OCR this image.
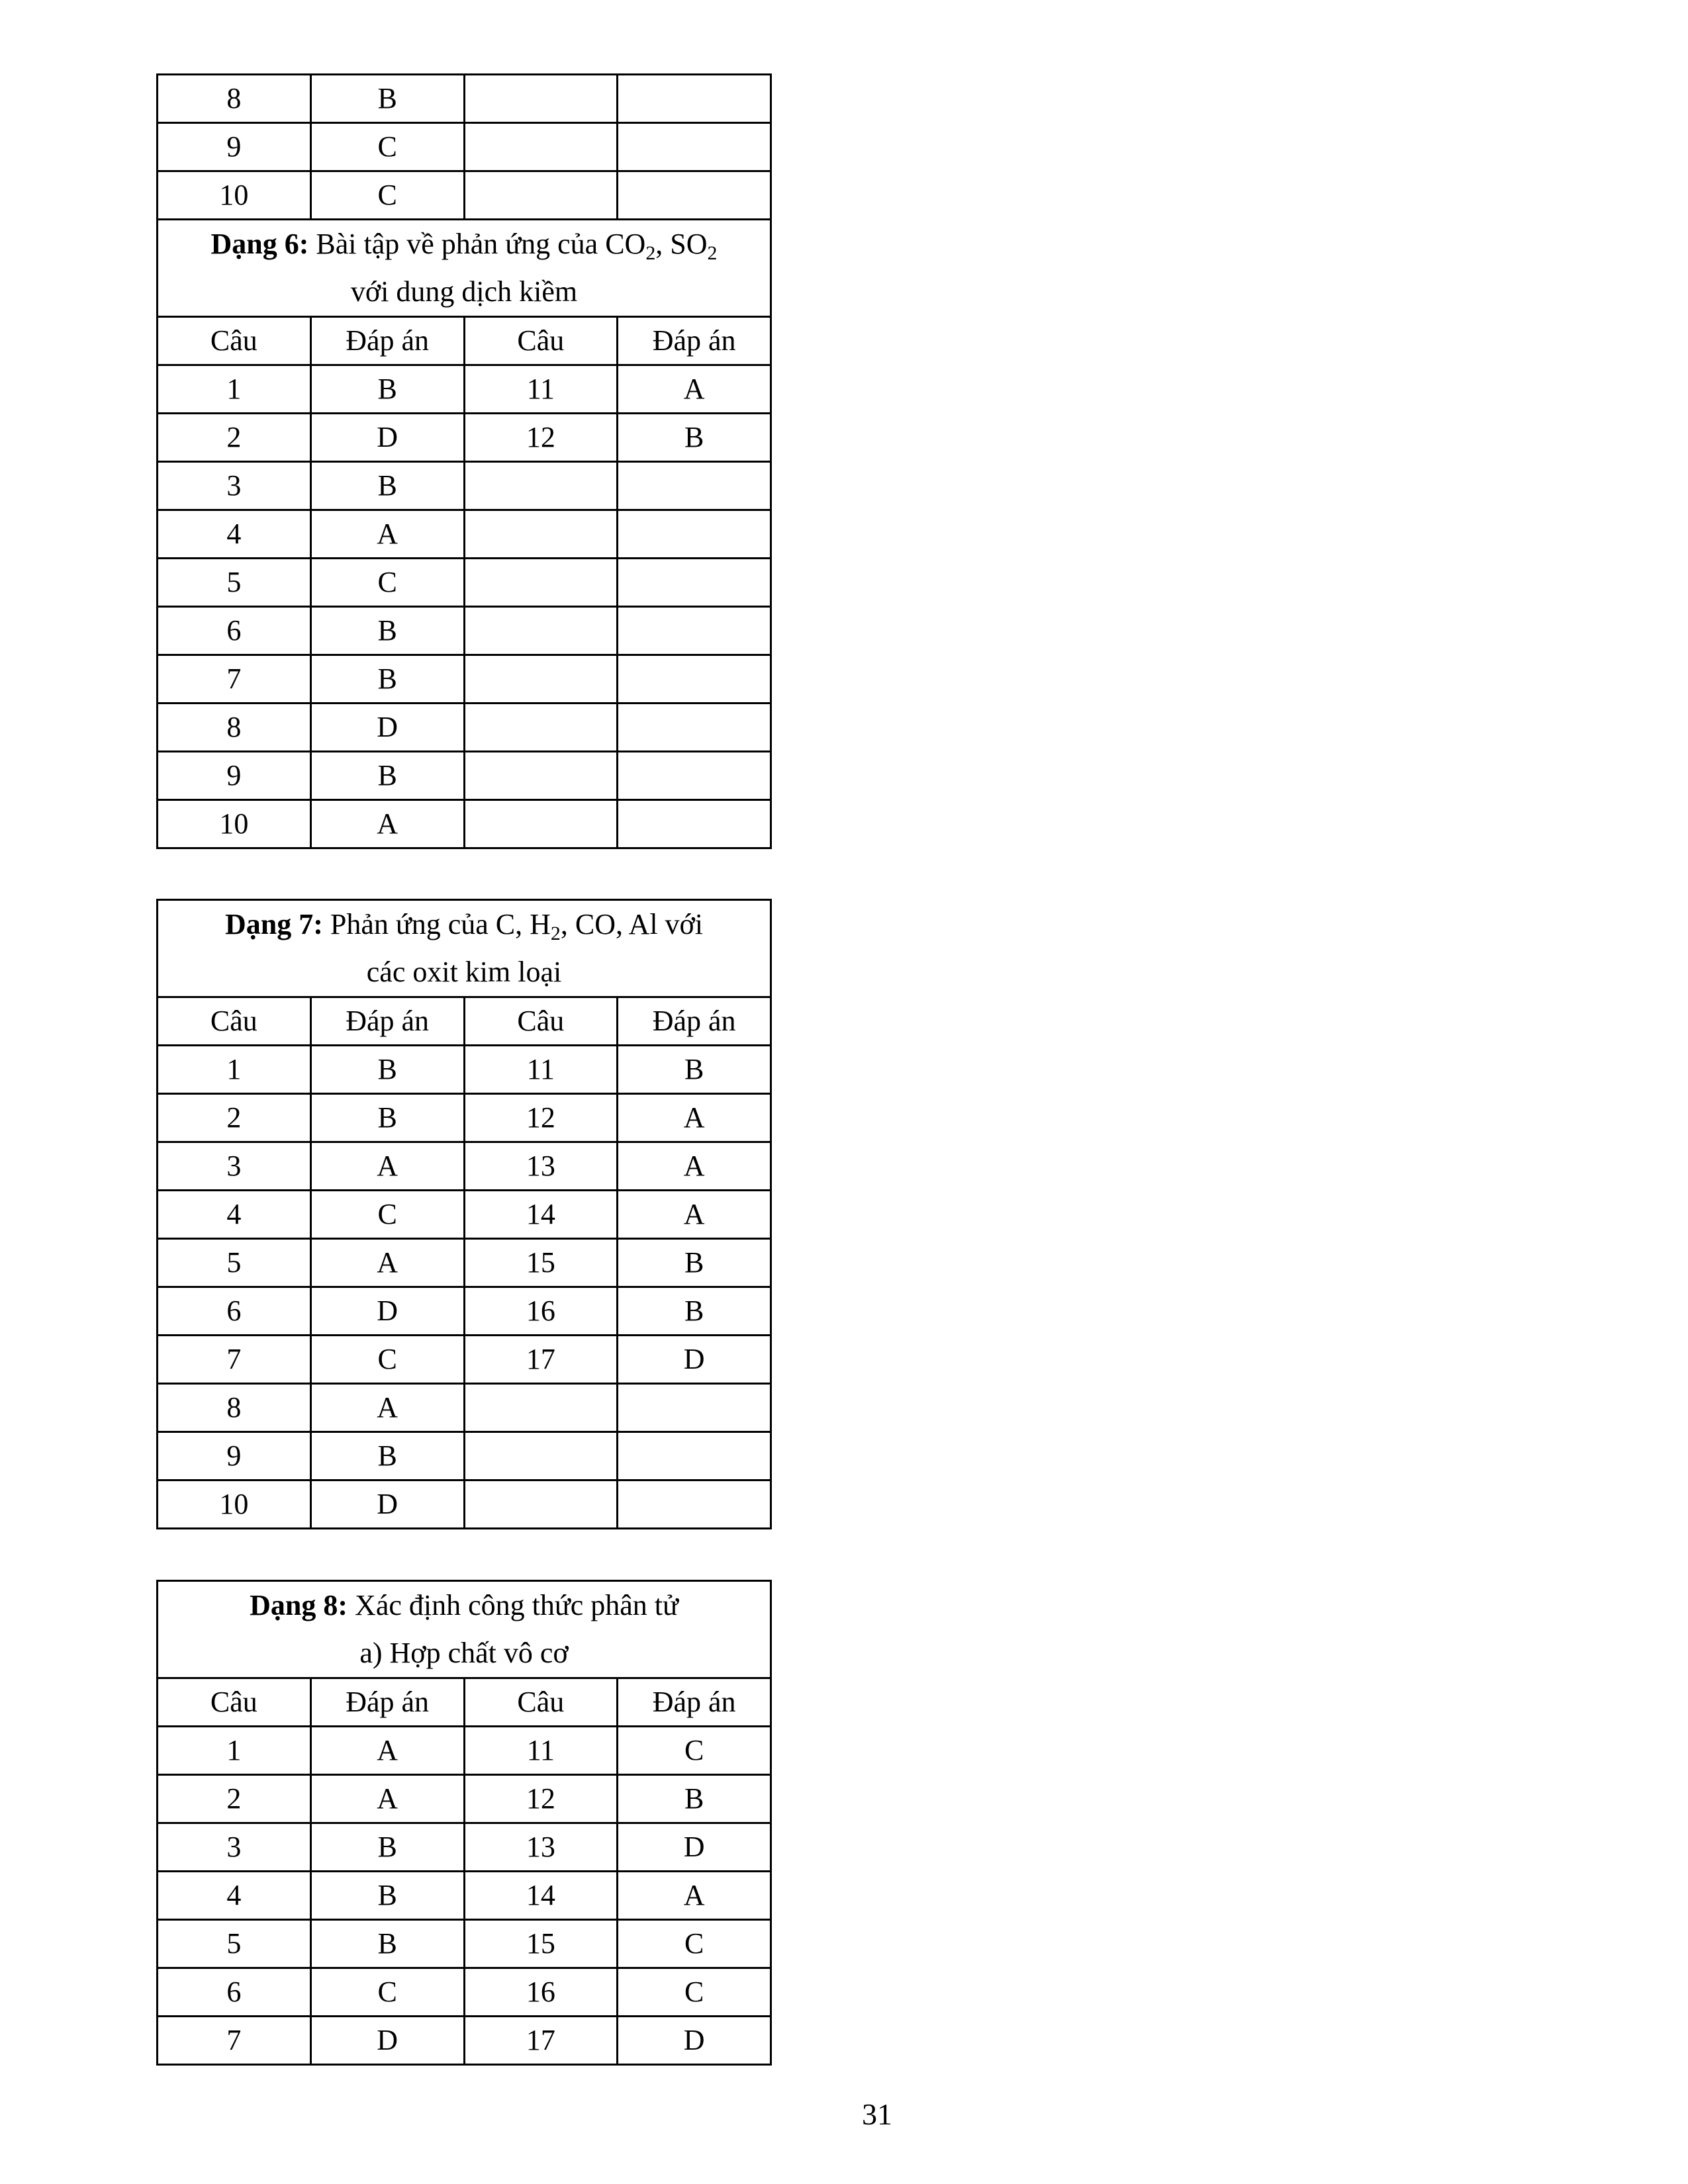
8	B		
9	C		
10	C		
Dạng 6: Bài tập về phản ứng của $CO_2$, $SO_2$
với dung dịch kiềm			
Câu	Đáp án	Câu	Đáp án
1	B	11	A
2	D	12	B
3	B		
4	A		
5	C		
6	B		
7	B		
8	D		
9	B		
10	A		
Dạng 7: Phản ứng của C, $H_2$, CO, Al với
các oxit kim loại			
Câu	Đáp án	Câu	Đáp án
1	B	11	B
2	B	12	A
3	A	13	A
4	C	14	A
5	A	15	B
6	D	16	B
7	C	17	D
8	A		
9	B		
10	D		
Dạng 8: Xác định công thức phân tử
a) Hợp chất vô cơ			
Câu	Đáp án	Câu	Đáp án
1	A	11	C
2	A	12	B
3	B	13	D
4	B	14	A
5	B	15	C
6	C	16	C
7	D	17	D
31
